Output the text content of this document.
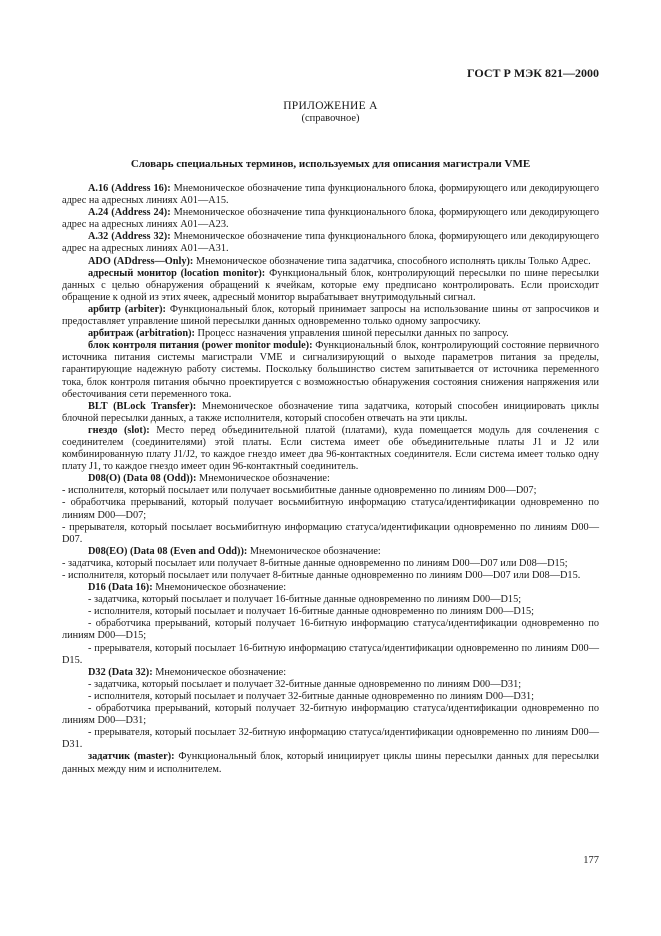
ГОСТ Р МЭК 821—2000
ПРИЛОЖЕНИЕ А
(справочное)
Словарь специальных терминов, используемых для описания магистрали VME

A.16 (Address 16): Мнемоническое обозначение типа функционального блока, формирующего или декодирующего адрес на адресных линиях A01—A15.

A.24 (Address 24): Мнемоническое обозначение типа функционального блока, формирующего или декодирующего адрес на адресных линиях A01—A23.

A.32 (Address 32): Мнемоническое обозначение типа функционального блока, формирующего или декодирующего адрес на адресных линиях A01—A31.

ADO (ADdress—Only): Мнемоническое обозначение типа задатчика, способного исполнять циклы Только Адрес.

адресный монитор (location monitor): Функциональный блок, контролирующий пересылки по шине пересылки данных с целью обнаружения обращений к ячейкам, которые ему предписано контролировать. Если происходит обращение к одной из этих ячеек, адресный монитор вырабатывает внутримодульный сигнал.

арбитр (arbiter): Функциональный блок, который принимает запросы на использование шины от запросчиков и предоставляет управление шиной пересылки данных одновременно только одному запросчику.

арбитраж (arbitration): Процесс назначения управления шиной пересылки данных по запросу.

блок контроля питания (power monitor module): Функциональный блок, контролирующий состояние первичного источника питания системы магистрали VME и сигнализирующий о выходе параметров питания за пределы, гарантирующие надежную работу системы. Поскольку большинство систем запитывается от источника переменного тока, блок контроля питания обычно проектируется с возможностью обнаружения состояния снижения напряжения или обесточивания сети переменного тока.

BLT (BLock Transfer): Мнемоническое обозначение типа задатчика, который способен инициировать циклы блочной пересылки данных, а также исполнителя, который способен отвечать на эти циклы.

гнездо (slot): Место перед объединительной платой (платами), куда помещается модуль для сочленения с соединителем (соединителями) этой платы. Если система имеет обе объединительные платы J1 и J2 или комбинированную плату J1/J2, то каждое гнездо имеет два 96-контактных соединителя. Если система имеет только одну плату J1, то каждое гнездо имеет один 96-контактный соединитель.

D08(O) (Data 08 (Odd)): Мнемоническое обозначение:

- исполнителя, который посылает или получает восьмибитные данные одновременно по линиям D00—D07;

- обработчика прерываний, который получает восьмибитную информацию статуса/идентификации одновременно по линиям D00—D07;

- прерывателя, который посылает восьмибитную информацию статуса/идентификации одновременно по линиям D00—D07.

D08(EO) (Data 08 (Even and Odd)): Мнемоническое обозначение:

- задатчика, который посылает или получает 8-битные данные одновременно по линиям D00—D07 или D08—D15;

- исполнителя, который посылает или получает 8-битные данные одновременно по линиям D00—D07 или D08—D15.

D16 (Data 16): Мнемоническое обозначение:

- задатчика, который посылает и получает 16-битные данные одновременно по линиям D00—D15;

- исполнителя, который посылает и получает 16-битные данные одновременно по линиям D00—D15;

- обработчика прерываний, который получает 16-битную информацию статуса/идентификации одновременно по линиям D00—D15;

- прерывателя, который посылает 16-битную информацию статуса/идентификации одновременно по линиям D00—D15.

D32 (Data 32): Мнемоническое обозначение:

- задатчика, который посылает и получает 32-битные данные одновременно по линиям D00—D31;

- исполнителя, который посылает и получает 32-битные данные одновременно по линиям D00—D31;

- обработчика прерываний, который получает 32-битную информацию статуса/идентификации одновременно по линиям D00—D31;

- прерывателя, который посылает 32-битную информацию статуса/идентификации одновременно по линиям D00—D31.

задатчик (master): Функциональный блок, который инициирует циклы шины пересылки данных для пересылки данных между ним и исполнителем.

177
